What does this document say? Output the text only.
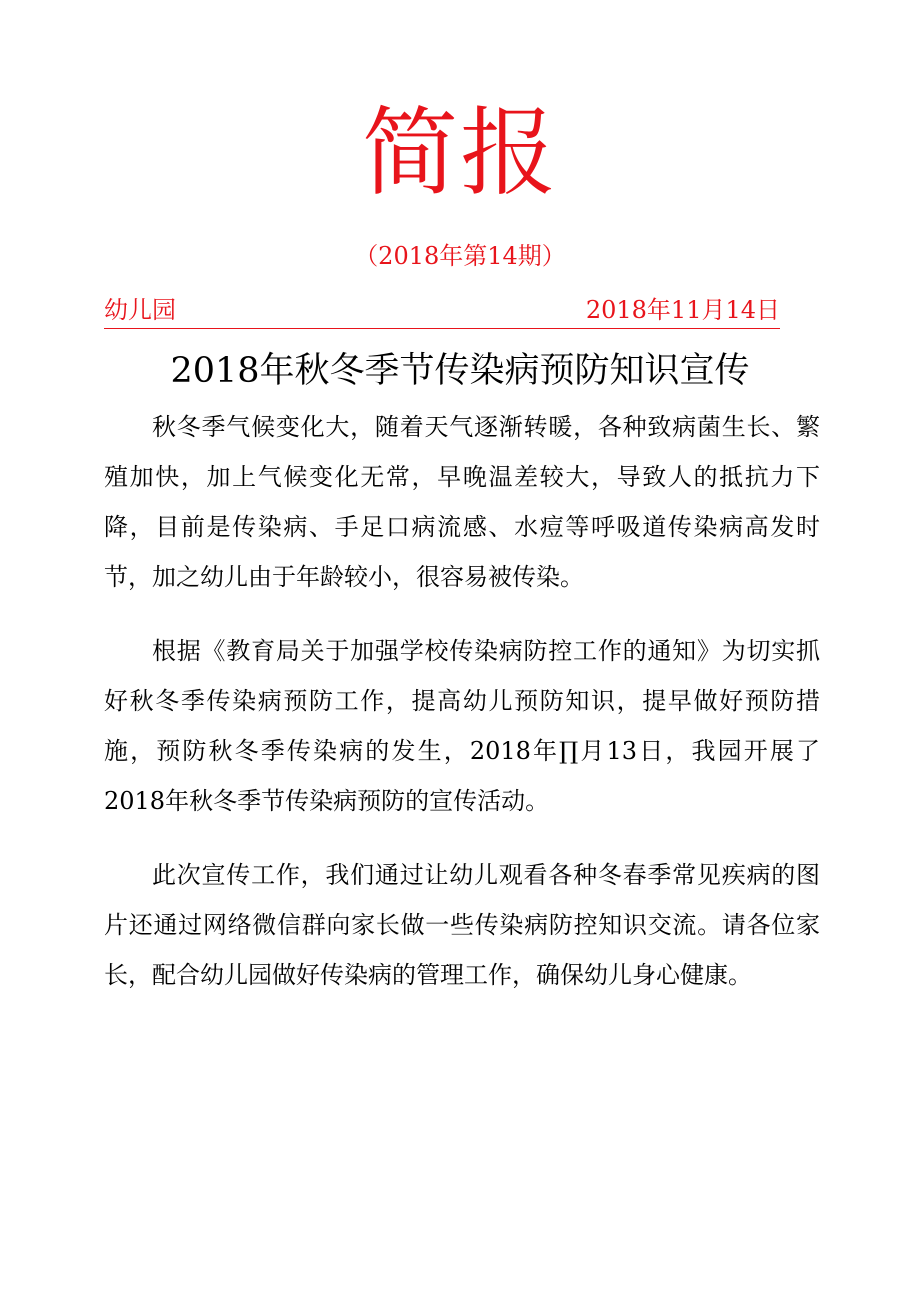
简报
（2018年第14期）
幼儿园	2018年11月14日
2018年秋冬季节传染病预防知识宣传

秋冬季气候变化大，随着天气逐渐转暖，各种致病菌生长、繁殖加快，加上气候变化无常，早晚温差较大，导致人的抵抗力下降，目前是传染病、手足口病流感、水痘等呼吸道传染病高发时节，加之幼儿由于年龄较小，很容易被传染。

根据《教育局关于加强学校传染病防控工作的通知》为切实抓好秋冬季传染病预防工作，提高幼儿预防知识，提早做好预防措施，预防秋冬季传染病的发生，2018年∏月13日，我园开展了2018年秋冬季节传染病预防的宣传活动。

此次宣传工作，我们通过让幼儿观看各种冬春季常见疾病的图片还通过网络微信群向家长做一些传染病防控知识交流。请各位家长，配合幼儿园做好传染病的管理工作，确保幼儿身心健康。
